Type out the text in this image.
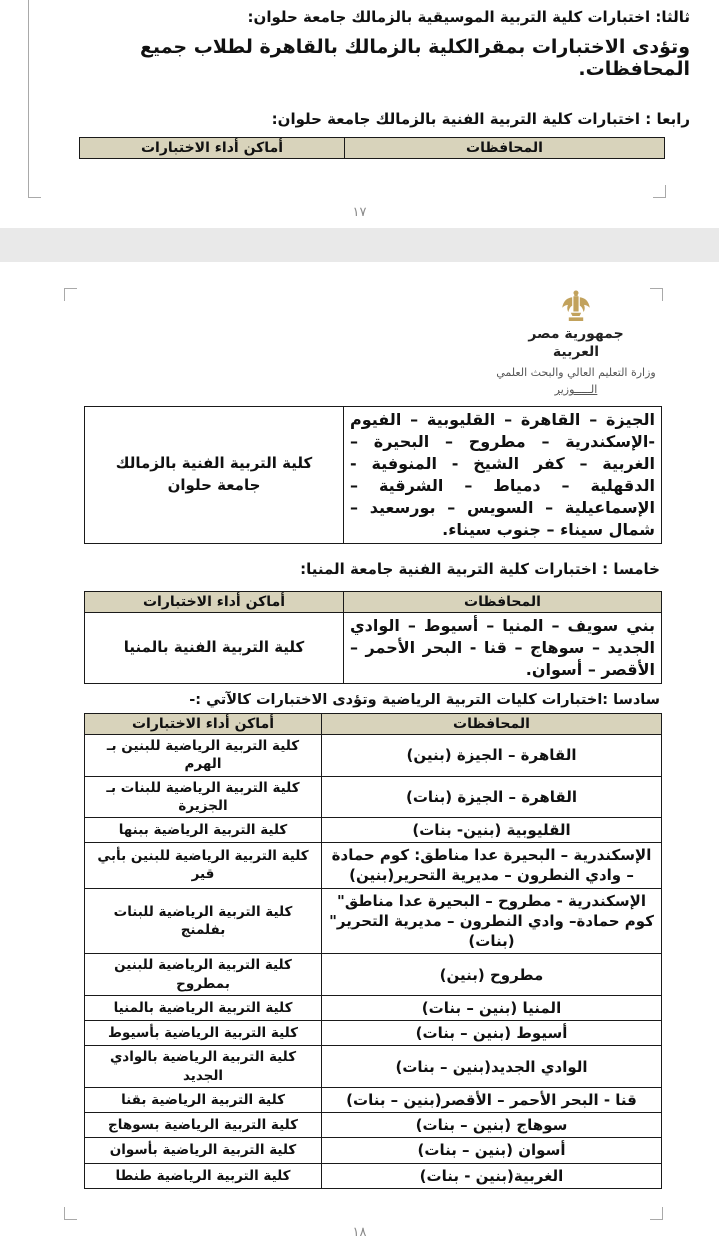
ثالثا: اختبارات كلية التربية الموسيقية بالزمالك جامعة حلوان:

وتؤدى الاختبارات بمقرالكلية بالزمالك بالقاهرة لطلاب جميع المحافظات.

رابعا : اختبارات كلية التربية الفنية بالزمالك جامعة حلوان:

المحافظات	أماكن أداء الاختبارات
١٧
جمهورية مصر العربية
وزارة التعليم العالي والبحث العلمي
الـــــوزير
الجيزة – القاهرة – القليوبية – الفيوم -الإسكندرية – مطروح – البحيرة – الغربية – كفر الشيخ - المنوفية - الدقهلية – دمياط – الشرقية – الإسماعيلية – السويس – بورسعيد – شمال سيناء – جنوب سيناء.	كلية التربية الفنية بالزمالك جامعة حلوان

خامسا : اختبارات كلية التربية الفنية جامعة المنيا:

المحافظات	أماكن أداء الاختبارات
بني سويف – المنيا – أسيوط – الوادي الجديد – سوهاج – قنا - البحر الأحمر – الأقصر – أسوان.	كلية التربية الفنية بالمنيا

سادسا :اختبارات كليات التربية الرياضية وتؤدى الاختبارات كالآتي :-

المحافظات	أماكن أداء الاختبارات
القاهرة – الجيزة (بنين)	كلية التربية الرياضية للبنين بـ الهرم
القاهرة – الجيزة (بنات)	كلية التربية الرياضية للبنات بـ الجزيرة
القليوبية (بنين- بنات)	كلية التربية الرياضية ببنها
الإسكندرية – البحيرة عدا مناطق: كوم حمادة – وادي النطرون – مديرية التحرير(بنين)	كلية التربية الرياضية للبنين بأبي قير
الإسكندرية - مطروح – البحيرة عدا مناطق" كوم حمادة– وادي النطرون – مديرية التحرير"(بنات)	كلية التربية الرياضية للبنات بفلمنج
مطروح (بنين)	كلية التربية الرياضية للبنين بمطروح
المنيا (بنين – بنات)	كلية التربية الرياضية بالمنيا
أسيوط (بنين – بنات)	كلية التربية الرياضية بأسيوط
الوادي الجديد(بنين – بنات)	كلية التربية الرياضية بالوادي الجديد
قنا - البحر الأحمر – الأقصر(بنين – بنات)	كلية التربية الرياضية بقنا
سوهاج (بنين – بنات)	كلية التربية الرياضية بسوهاج
أسوان (بنين – بنات)	كلية التربية الرياضية بأسوان
الغربية(بنين - بنات)	كلية التربية الرياضية طنطا
١٨
